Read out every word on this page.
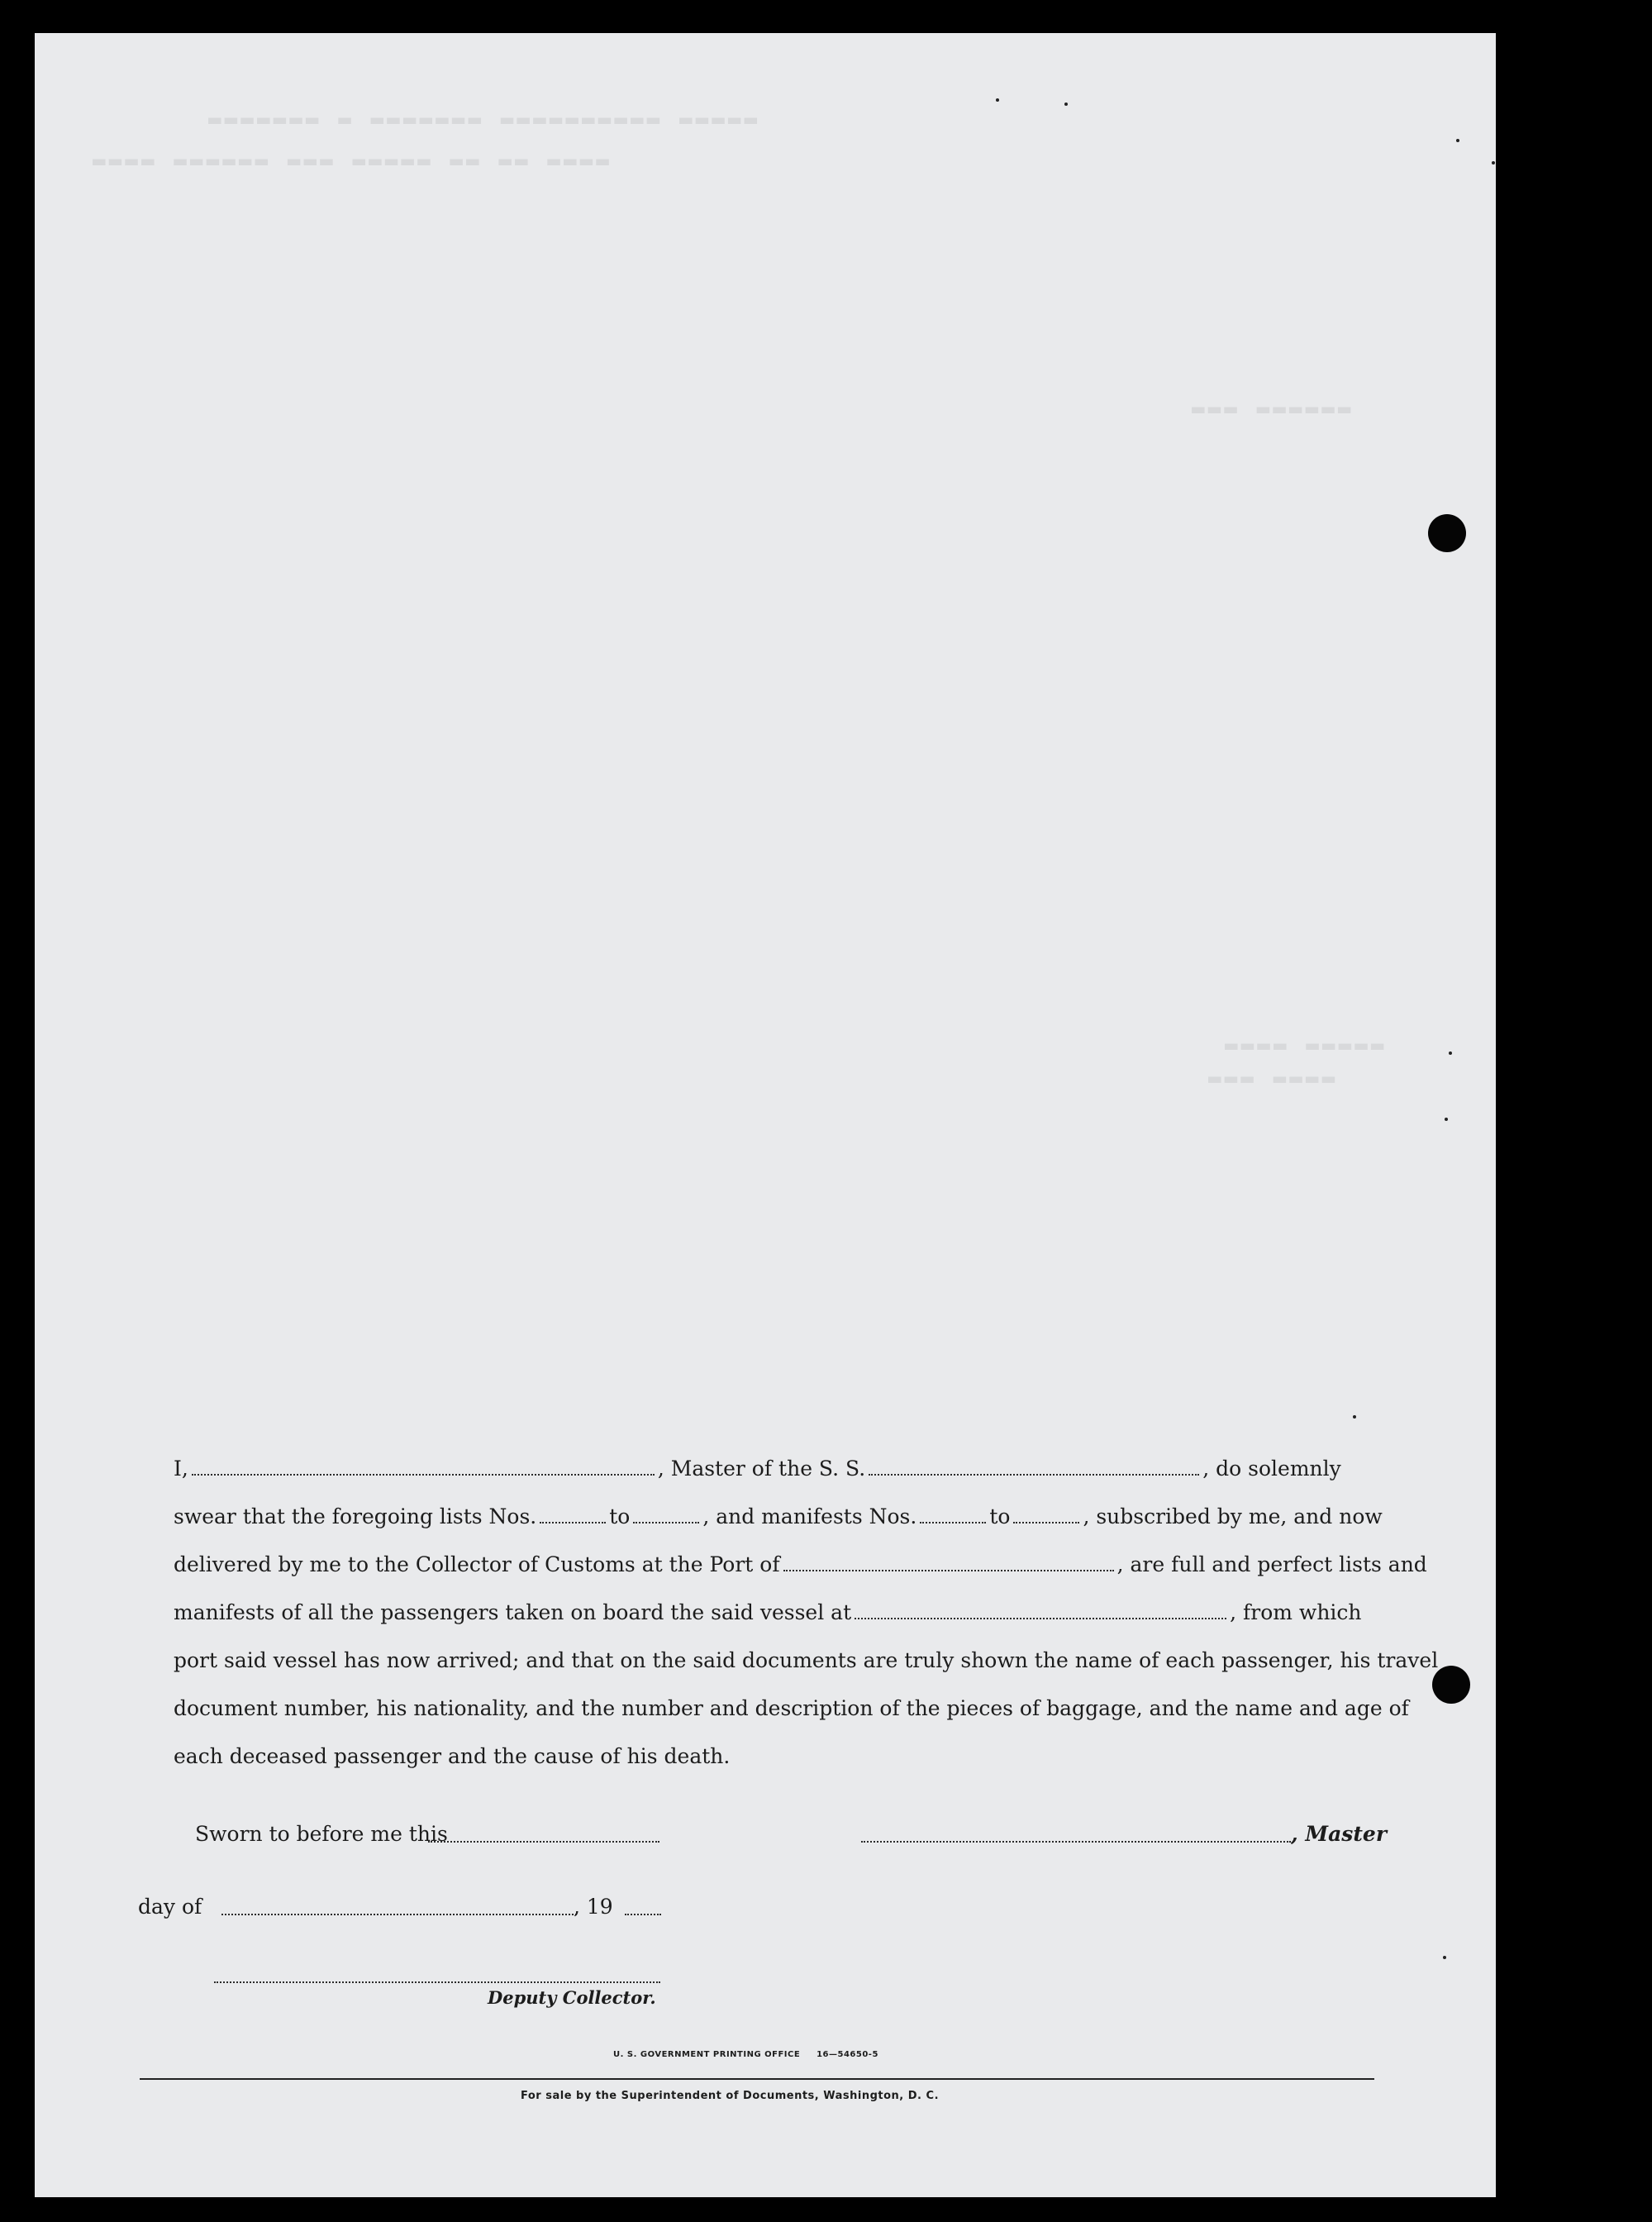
▬▬▬▬▬▬▬ ▬ ▬▬▬▬▬▬▬ ▬▬▬▬▬▬▬▬▬▬ ▬▬▬▬▬
▬▬▬▬ ▬▬▬▬▬▬ ▬▬▬ ▬▬▬▬▬ ▬▬ ▬▬ ▬▬▬▬
▬▬▬ ▬▬▬▬▬▬
▬▬▬▬ ▬▬▬▬▬
▬▬▬ ▬▬▬▬
I,	, Master of the S. S.	, do solemnly
swear that the foregoing lists Nos.	to	, and manifests Nos.	to	, subscribed by me, and now
delivered by me to the Collector of Customs at the Port of	, are full and perfect lists and
manifests of all the passengers taken on board the said vessel at	, from which
port said vessel has now arrived; and that on the said documents are truly shown the name of each passenger, his travel
document number, his nationality, and the number and description of the pieces of baggage, and the name and age of
each deceased passenger and the cause of his death.
Sworn to before me this	, Master
day of	, 19
Deputy Collector.
U. S. GOVERNMENT PRINTING OFFICE     16—54650-5
For sale by the Superintendent of Documents, Washington, D. C.
